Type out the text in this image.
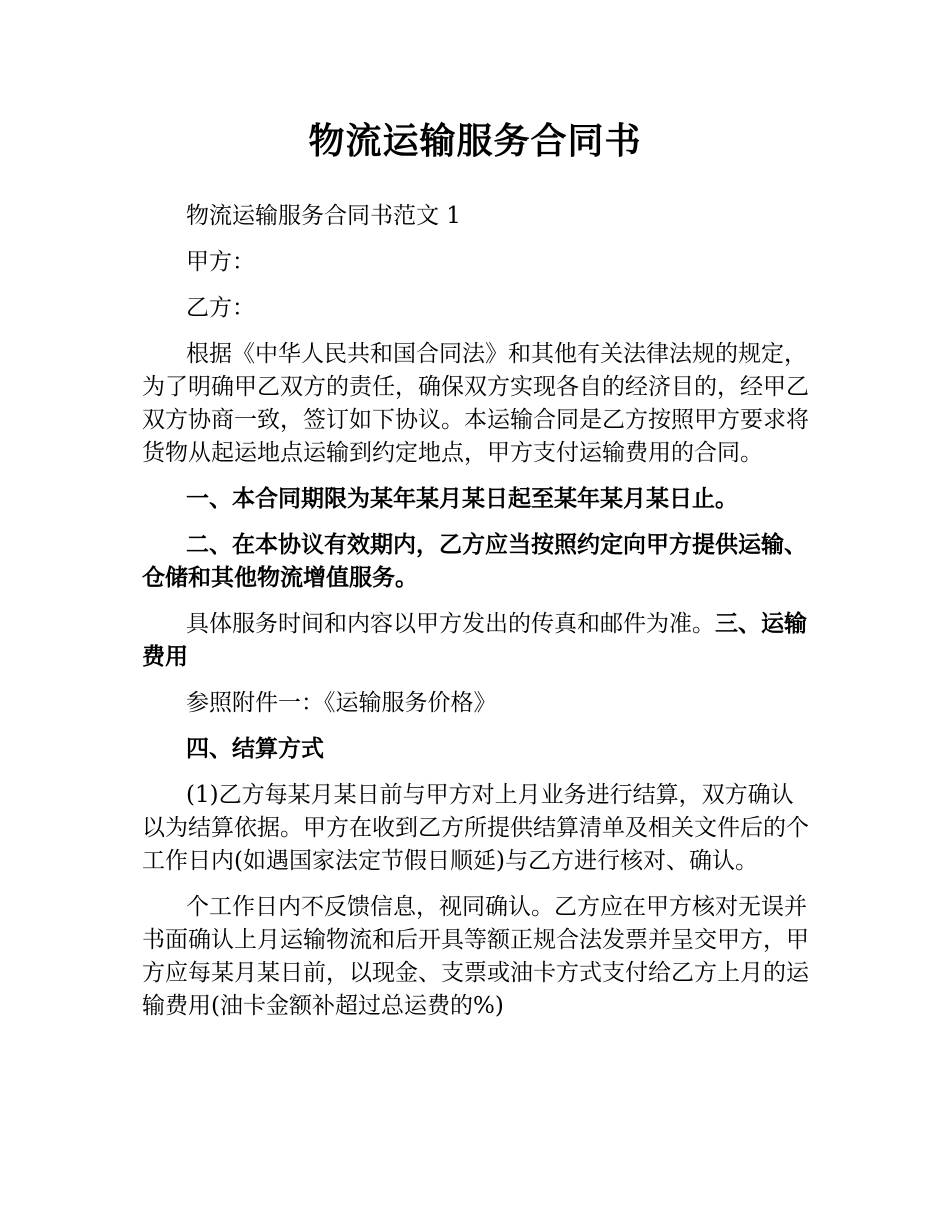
物流运输服务合同书

物流运输服务合同书范文 1

甲方：

乙方：

根据《中华人民共和国合同法》和其他有关法律法规的规定，为了明确甲乙双方的责任，确保双方实现各自的经济目的，经甲乙双方协商一致，签订如下协议。本运输合同是乙方按照甲方要求将货物从起运地点运输到约定地点，甲方支付运输费用的合同。

一、本合同期限为某年某月某日起至某年某月某日止。

二、在本协议有效期内，乙方应当按照约定向甲方提供运输、仓储和其他物流增值服务。

具体服务时间和内容以甲方发出的传真和邮件为准。三、运输费用

参照附件一：《运输服务价格》

四、结算方式

(1)乙方每某月某日前与甲方对上月业务进行结算，双方确认以为结算依据。甲方在收到乙方所提供结算清单及相关文件后的个工作日内(如遇国家法定节假日顺延)与乙方进行核对、确认。

个工作日内不反馈信息，视同确认。乙方应在甲方核对无误并书面确认上月运输物流和后开具等额正规合法发票并呈交甲方，甲方应每某月某日前，以现金、支票或油卡方式支付给乙方上月的运输费用(油卡金额补超过总运费的%)
